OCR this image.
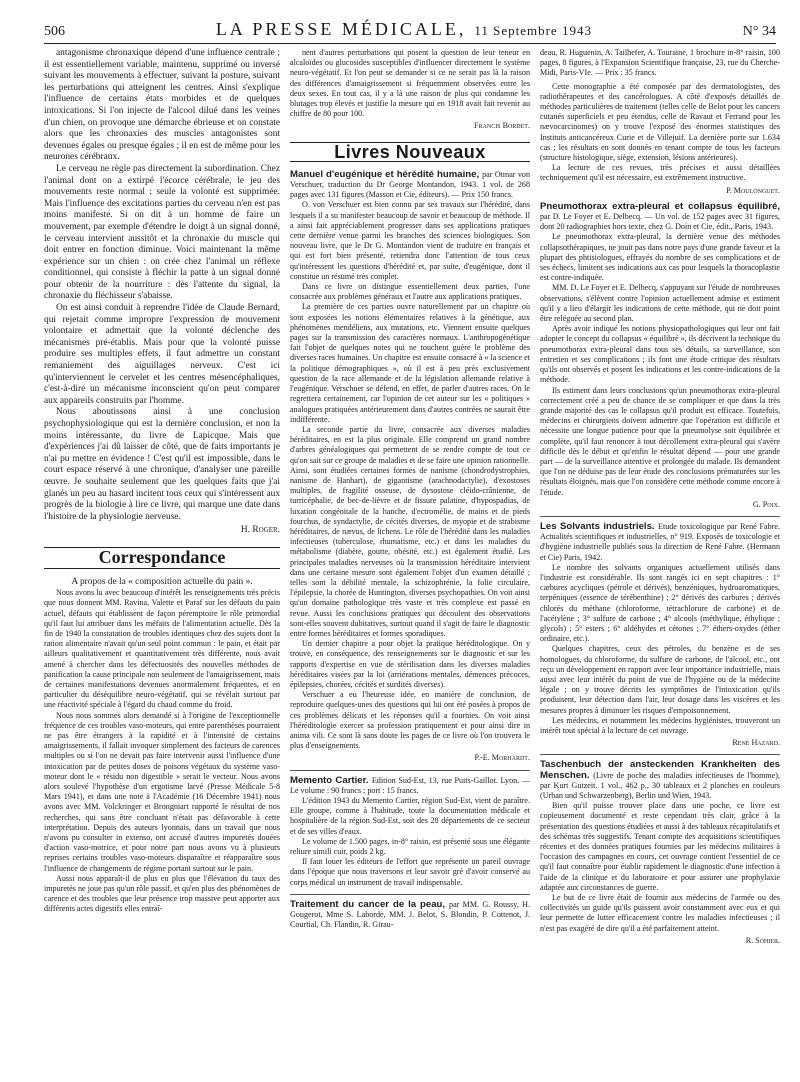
506	LA PRESSE MÉDICALE, 11 Septembre 1943	N° 34

antagonisme chronaxique dépend d'une influence centrale ; il est essentiellement variable, maintenu, supprimé ou inversé suivant les mouvements à effectuer, suivant la posture, suivant les perturbations qui atteignent les centres. Ainsi s'explique l'influence de certains états morbides et de quelques intoxications. Si l'on injecte de l'alcool dilué dans les veines d'un chien, on provoque une démarche ébrieuse et on constate alors que les chronaxies des muscles antagonistes sont devenues égales ou presque égales ; il en est de même pour les neurones cérébraux.

Le cerveau ne règle pas directement la subordination. Chez l'animal dont on a extirpé l'écorce cérébrale, le jeu des mouvements reste normal ; seule la volonté est supprimée. Mais l'influence des excitations parties du cerveau n'en est pas moins manifeste. Si on dit à un homme de faire un mouvement, par exemple d'étendre le doigt à un signal donné, le cerveau intervient aussitôt et la chronaxie du muscle qui doit entrer en fonction diminue. Voici maintenant la même expérience sur un chien : on crée chez l'animal un réflexe conditionnel, qui consiste à fléchir la patte à un signal donné pour obtenir de la nourriture : dès l'attente du signal, la chronaxie du fléchisseur s'abaisse.

On est ainsi conduit à reprendre l'idée de Claude Bernard, qui rejetait comme impropre l'expression de mouvement volontaire et admettait que la volonté déclenche des mécanismes pré-établis. Mais pour que la volonté puisse produire ses multiples effets, il faut admettre un constant remaniement des aiguillages nerveux. C'est ici qu'interviennent le cervelet et les centres mésencéphaliques, c'est-à-dire un mécanisme inconscient qu'on peut comparer aux appareils construits par l'homme.

Nous aboutissons ainsi à une conclusion psychophysiologique qui est la dernière conclusion, et non la moins intéressante, du livre de Lapicque. Mais que d'expériences j'ai dû laisser de côté, que de faits importants je n'ai pu mettre en évidence ! C'est qu'il est impossible, dans le court espace réservé à une chronique, d'analyser une pareille œuvre. Je souhaite seulement que les quelques faits que j'ai glanés un peu au hasard incitent tous ceux qui s'intéressent aux progrès de la biologie à lire ce livre, qui marque une date dans l'histoire de la physiologie nerveuse.

H. Roger.

Correspondance

A propos de la « composition actuelle du pain ».

Nous avons lu avec beaucoup d'intérêt les renseignements très précis que nous donnent MM. Ravina, Valette et Paraf sur les défauts du pain actuel, défauts qui établissent de façon péremptoire le rôle primordial qu'il faut lui attribuer dans les méfaits de l'alimentation actuelle. Dès la fin de 1940 la constatation de troubles identiques chez des sujets dont la ration alimentaire n'avait qu'un seul point commun : le pain, et était par ailleurs qualitativement et quantitativement très différente, nous avait amené à chercher dans les défectuosités des nouvelles méthodes de panification la cause principale non seulement de l'amaigrissement, mais de certaines manifestations devenues anormalement fréquentes, et en particulier du déséquilibre neuro-végétatif, qui se révélait surtout par une réactivité spéciale à l'égard du chaud comme du froid.

Nous nous sommes alors demandé si à l'origine de l'exceptionnelle fréquence de ces troubles vaso-moteurs, qui entre parenthèses pourraient ne pas être étrangers à la rapidité et à l'intensité de certains amaigrissements, il fallait invoquer simplement des facteurs de carences multiples ou si l'on ne devait pas faire intervenir aussi l'influence d'une intoxication par de petites doses de poisons végétaux du système vaso-moteur dont le « résidu non digestible » serait le vecteur. Nous avons alors soulevé l'hypothèse d'un ergotisme larvé (Presse Médicale 5-8 Mars 1941), et dans une note à l'Académie (16 Décembre 1941) nous avons avec MM. Volckringer et Brongniart rapporté le résultat de nos recherches, qui sans être concluant n'était pas défavorable à cette interprétation. Depuis des auteurs lyonnais, dans un travail que nous n'avons pu consulter in extenso, ont accusé d'autres impuretés douées d'action vaso-motrice, et pour notre part nous avons vu à plusieurs reprises certains troubles vaso-moteurs disparaître et réapparaître sous l'influence de changements de régime portant surtout sur le pain.

Aussi nous apparaît-il de plus en plus que l'élévation du taux des impuretés ne joue pas qu'un rôle passif, et qu'en plus des phénomènes de carence et des troubles que leur présence trop massive peut apporter aux différents actes digestifs elles entraî-

nent d'autres perturbations qui posent la question de leur teneur en alcaloïdes ou glucosides susceptibles d'influencer directement le système neuro-végétatif. Et l'on peut se demander si ce ne serait pas là la raison des différences d'amaigrissement si fréquemment observées entre les deux sexes. En tout cas, il y a là une raison de plus qui condamne les blutages trop élevés et justifie la mesure qui en 1918 avait fait revenir au chiffre de 80 pour 100.

Francis Bordet.

Livres Nouveaux

Manuel d'eugénique et hérédité humaine, par Otmar von Verschuer, traduction du Dr George Montandon, 1943. 1 vol. de 268 pages avec 131 figures (Masson et Cie, éditeurs). — Prix 150 francs.

O. von Verschuer est bien connu par ses travaux sur l'hérédité, dans lesquels il a su manifester beaucoup de savoir et beaucoup de méthode. Il a ainsi fait appréciablement progresser dans ses applications pratiques cette dernière venue parmi les branches des sciences biologiques. Son nouveau livre, que le Dr G. Montandon vient de traduire en français et qui est fort bien présenté, retiendra donc l'attention de tous ceux qu'intéressent les questions d'hérédité et, par suite, d'eugénique, dont il constitue un résumé très complet.

Dans ce livre on distingue essentiellement deux parties, l'une consacrée aux problèmes généraux et l'autre aux applications pratiques.

La première de ces parties ouvre naturellement par un chapitre où sont exposées les notions élémentaires relatives à la génétique, aux phénomènes mendéliens, aux mutations, etc. Viennent ensuite quelques pages sur la transmission des caractères normaux. L'anthropogénétique fait l'objet de quelques notes qui ne touchent guère le problème des diverses races humaines. Un chapitre est ensuite consacré à « la science et la politique démographiques », où il est à peu près exclusivement question de la race allemande et de la législation allemande relative à l'eugénique. Verschuer se défend, en effet, de parler d'autres races. On le regrettera certainement, car l'opinion de cet auteur sur les « politiques » analogues pratiquées antérieurement dans d'autres contrées ne saurait être indifférente.

La seconde partie du livre, consacrée aux diverses maladies héréditaires, en est la plus originale. Elle comprend un grand nombre d'arbres généalogiques qui permettent de se rendre compte de tout ce qu'on sait sur ce groupe de maladies et de se faire une opinion rationnelle. Ainsi, sont étudiées certaines formes de nanisme (chondrodystrophies, nanisme de Hanhart), de gigantisme (arachnodactylie), d'exostoses multiples, de fragilité osseuse, de dysostose cléido-crânienne, de turricéphalie, de bec-de-lièvre et de fissure palatine, d'hypospadias, de luxation congénitale de la hanche, d'ectromélie, de mains et de pieds fourchus, de syndactylie, de cécités diverses, de myopie et de strabisme héréditaires, de nævus, de lichens. Le rôle de l'hérédité dans les maladies infectieuses (tuberculose, rhumatisme, etc.) et dans les maladies du métabolisme (diabète, goutte, obésité, etc.) est également étudié. Les principales maladies nerveuses où la transmission héréditaire intervient dans une certaine mesure sont également l'objet d'un examen détaillé ; telles sont la débilité mentale, la schizophrénie, la folie circulaire, l'épilepsie, la chorée de Huntington, diverses psychopathies. On voit ainsi qu'un domaine pathologique très vaste et très complexe est passé en revue. Aussi les conclusions pratiques qui découlent des observations sont-elles souvent dubitatives, surtout quand il s'agit de faire le diagnostic entre formes héréditaires et formes sporadiques.

Un dernier chapitre a pour objet la pratique héréditologique. On y trouve, en conséquence, des renseignements sur le diagnostic et sur les rapports d'expertise en vue de stérilisation dans les diverses maladies héréditaires visées par la loi (arriérations mentales, démences précoces, épilepsies, chorées, cécités et surdités diverses).

Verschuer a eu l'heureuse idée, en manière de conclusion, de reproduire quelques-unes des questions qui lui ont été posées à propos de ces problèmes délicats et les réponses qu'il a fournies. On voit ainsi l'héréditologie exercer sa profession pratiquement et pour ainsi dire in anima vili. Ce sont là sans doute les pages de ce livre où l'on trouvera le plus d'enseignements.

P.-E. Morhardt.

Memento Cartier. Edition Sud-Est, 13, rue Puits-Gaillot. Lyon. — Le volume : 90 francs ; port : 15 francs.

L'édition 1943 du Memento Cartier, région Sud-Est, vient de paraître. Elle groupe, comme à l'habitude, toute la documentation médicale et hospitalière de la région Sud-Est, soit des 28 départements de ce secteur et de ses villes d'eaux.

Le volume de 1.500 pages, in-8° raisin, est présenté sous une élégante reliure simili cuir, poids 2 kg.

Il faut louer les éditeurs de l'effort que représente un pareil ouvrage dans l'époque que nous traversons et leur savoir gré d'avoir conservé au corps médical un instrument de travail indispensable.

Traitement du cancer de la peau, par MM. G. Roussy, H. Gougerot, Mme S. Laborde, MM. J. Belot, S. Blondin, P. Cottenot, J. Courtial, Ch. Flandin, R. Girau-

deau, R. Huguenin, A. Tailhefer, A. Touraine, 1 brochure in-8° raisin, 100 pages, 8 figures, à l'Expansion Scientifique française, 23, rue du Cherche-Midi, Paris-VIe. — Prix : 35 francs.

Cette monographie a été composée par des dermatologistes, des radiothérapeutes et des cancérologues. A côté d'exposés détaillés de méthodes particulières de traitement (telles celle de Belot pour les cancers cutanés superficiels et peu étendus, celle de Ravaut et Ferrand pour les nævocarcinomes) on y trouve l'exposé des énormes statistiques des Instituts anticancéreux Curie et de Villejuif. La dernière porte sur 1.634 cas ; les résultats en sont donnés en tenant compte de tous les facteurs (structure histologique, siège, extension, lésions antérieures).

La lecture de ces revues, très précises et aussi détaillées techniquement qu'il est nécessaire, est extrêmement instructive.

P. Moulonguet.

Pneumothorax extra-pleural et collapsus équilibré, par D. Le Foyer et E. Delbecq. — Un vol. de 152 pages avec 31 figures, dont 20 radiographies hors texte, chez G. Doin et Cie, édit., Paris, 1943.

Le pneumothorax extra-pleural, la dernière venue des méthodes collapsothérapiques, ne jouit pas dans notre pays d'une grande faveur et la plupart des phtisiologues, effrayés du nombre de ses complications et de ses échecs, limitent ses indications aux cas pour lesquels la thoracoplastie est contre-indiquée.

MM. D. Le Foyer et E. Delbecq, s'appuyant sur l'étude de nombreuses observations, s'élèvent contre l'opinion actuellement admise et estiment qu'il y a lieu d'élargir les indications de cette méthode, qui ne doit point être reléguée au second plan.

Après avoir indiqué les notions physiopathologiques qui leur ont fait adopter le concept du collapsus « équilibré », ils décrivent la technique du pneumothorax extra-pleural dans tous ses détails, sa surveillance, son entretien et ses complications ; ils font une étude critique des résultats qu'ils ont observés et posent les indications et les contre-indications de la méthode.

Ils estiment dans leurs conclusions qu'un pneumothorax extra-pleural correctement créé a peu de chance de se compliquer et que dans la très grande majorité des cas le collapsus qu'il produit est efficace. Toutefois, médecins et chirurgiens doivent admettre que l'opération est difficile et nécessite une longue patience pour que la pneumolyse soit équilibrée et complète, qu'il faut renoncer à tout décollement extra-pleural qui s'avère difficile dès le début et qu'enfin le résultat dépend — pour une grande part — de la surveillance attentive et prolongée du malade. Ils demandent que l'on ne déduise pas de leur étude des conclusions prématurées sur les résultats éloignés, mais que l'on considère cette méthode comme encore à l'étude.

G. Poix.

Les Solvants industriels. Etude toxicologique par René Fabre. Actualités scientifiques et industrielles, n° 919. Exposés de toxicologie et d'hygiène industrielle publiés sous la direction de René Fabre. (Hermann et Cie) Paris, 1942.

Le nombre des solvants organiques actuellement utilisés dans l'industrie est considérable. Ils sont rangés ici en sept chapitres : 1° carbures acycliques (pétrole et dérivés), benzéniques, hydroaromatiques, terpéniques (essence de térébenthine) ; 2° dérivés des carbures ; dérivés chlorés du méthane (chloroforme, tétrachlorure de carbone) et de l'acétylène ; 3° sulfure de carbone ; 4° alcools (méthylique, éthylique ; glycols) ; 5° esters ; 6° aldéhydes et cétones ; 7° éthers-oxydes (éther ordinaire, etc.).

Quelques chapitres, ceux des pétroles, du benzène et de ses homologues, du chloroforme, du sulfure de carbone, de l'alcool, etc., ont reçu un développement en rapport avec leur importance industrielle, mais aussi avec leur intérêt du point de vue de l'hygiène ou de la médecine légale ; on y trouve décrits les symptômes de l'intoxication qu'ils produisent, leur détection dans l'air, leur dosage dans les viscères et les mesures propres à diminuer les risques d'empoisonnement.

Les médecins, et notamment les médecins hygiénistes, trouveront un intérêt tout spécial à la lecture de cet ouvrage.

René Hazard.

Taschenbuch der ansteckenden Krankheiten des Menschen. (Livre de poche des maladies infectieuses de l'homme), par Kurt Gutzeit. 1 vol., 462 p., 30 tableaux et 2 planches en couleurs (Urban und Schwarzenberg), Berlin und Wien, 1943.

Bien qu'il puisse trouver place dans une poche, ce livre est copieusement documenté et reste cependant très clair, grâce à la présentation des questions étudiées et aussi à des tableaux récapitulatifs et des schémas très suggestifs. Tenant compte des acquisitions scientifiques récentes et des données pratiques fournies par les médecins militaires à l'occasion des campagnes en cours, cet ouvrage contient l'essentiel de ce qu'il faut connaître pour établir rapidement le diagnostic d'une infection à l'aide de la clinique et du laboratoire et pour assurer une prophylaxie adaptée aux circonstances de guerre.

Le but de ce livre était de fournir aux médecins de l'armée ou des collectivités un guide qu'ils puissent avoir constamment avec eux et qui leur permette de lutter efficacement contre les maladies infectieuses ; il n'est pas exagéré de dire qu'il a été parfaitement atteint.

R. Sohier.
